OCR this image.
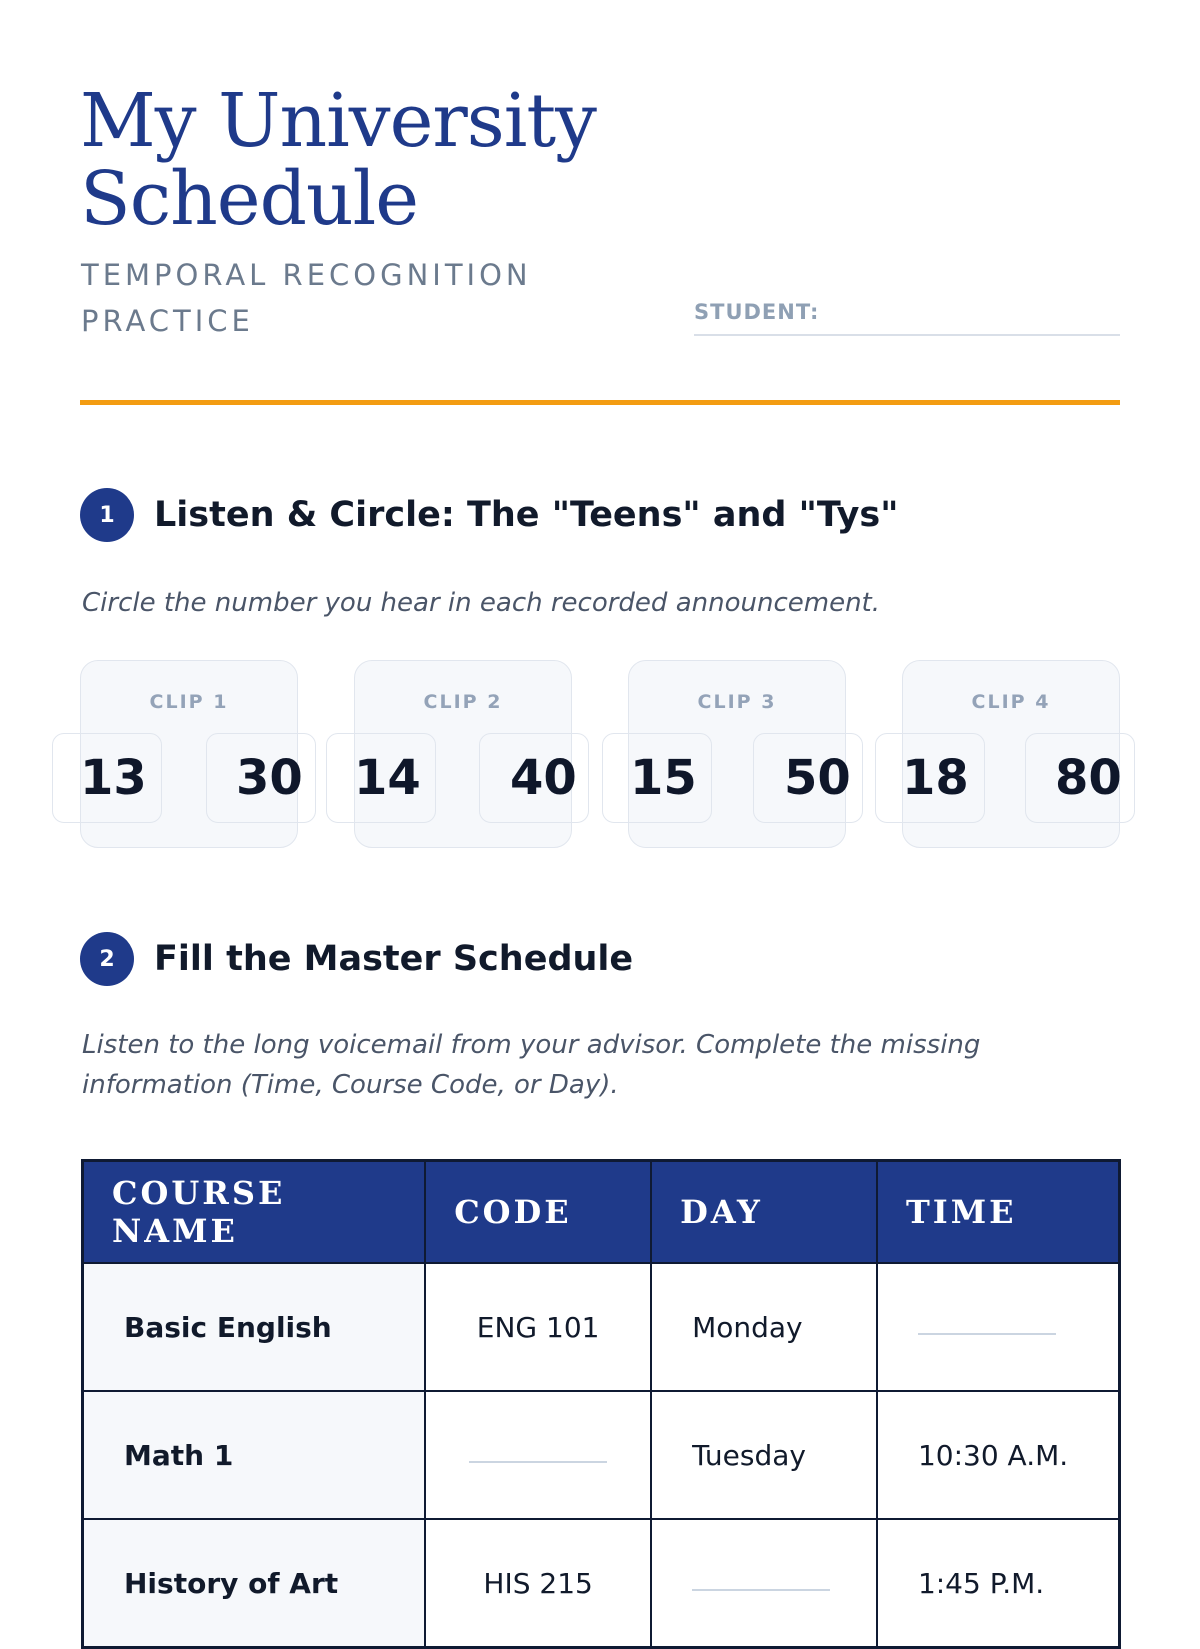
My University Schedule
TEMPORAL RECOGNITION PRACTICE	STUDENT:
1	Listen & Circle: The "Teens" and "Tys"
Circle the number you hear in each recorded announcement.
CLIP 1
13 30
CLIP 2
14 40
CLIP 3
15 50
CLIP 4
18 80
2	Fill the Master Schedule
Listen to the long voicemail from your advisor. Complete the missing information (Time, Course Code, or Day).
COURSE NAME	CODE	DAY	TIME
Basic English	ENG 101	Monday	
Math 1		Tuesday	10:30 A.M.
History of Art	HIS 215		1:45 P.M.
